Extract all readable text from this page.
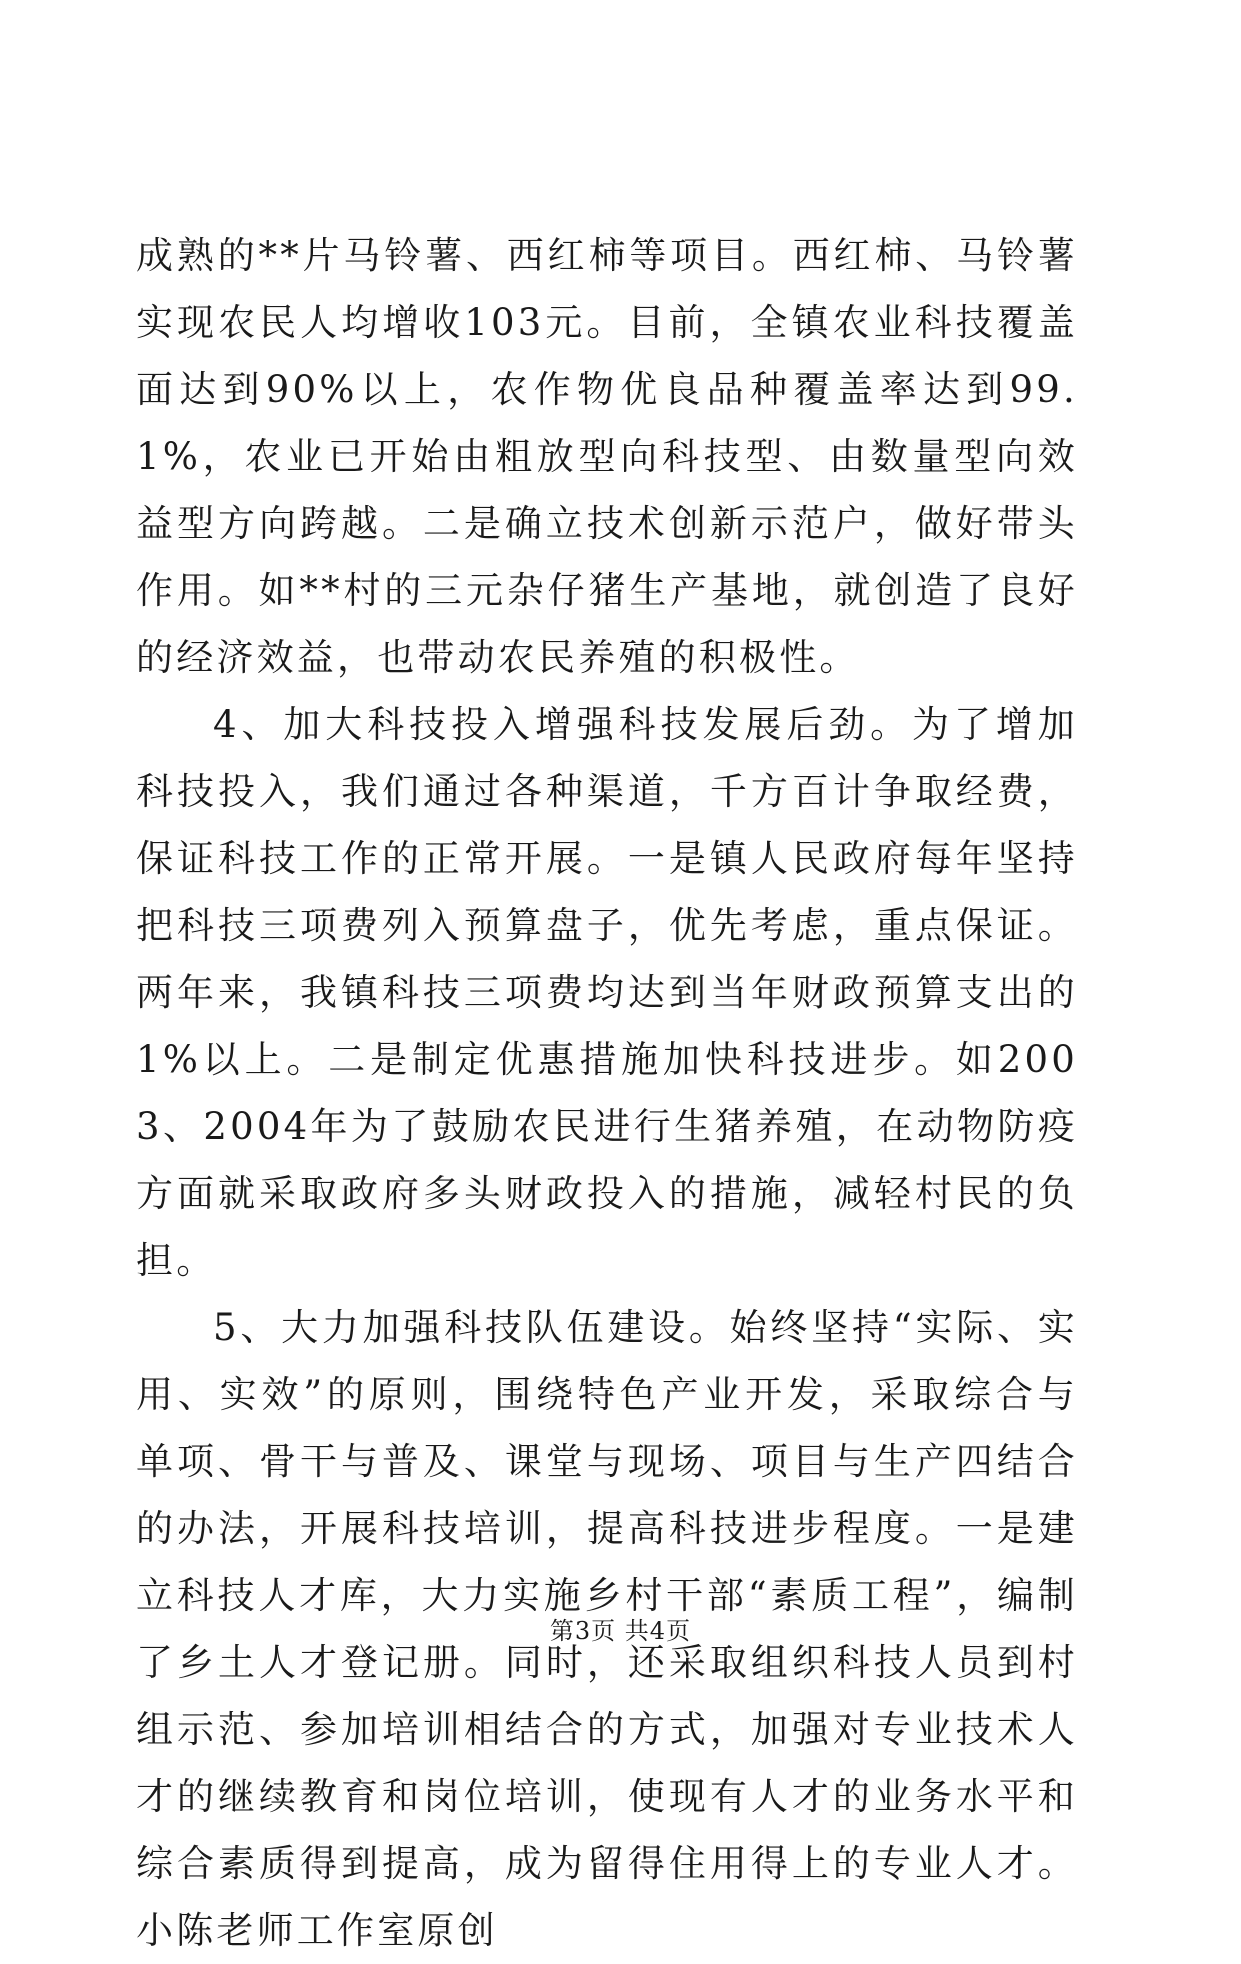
成熟的**片马铃薯、西红柿等项目。西红柿、马铃薯实现农民人均增收103元。目前，全镇农业科技覆盖面达到90%以上，农作物优良品种覆盖率达到99.1%，农业已开始由粗放型向科技型、由数量型向效益型方向跨越。二是确立技术创新示范户，做好带头作用。如**村的三元杂仔猪生产基地，就创造了良好的经济效益，也带动农民养殖的积极性。

4、加大科技投入增强科技发展后劲。为了增加科技投入，我们通过各种渠道，千方百计争取经费，保证科技工作的正常开展。一是镇人民政府每年坚持把科技三项费列入预算盘子，优先考虑，重点保证。两年来，我镇科技三项费均达到当年财政预算支出的1%以上。二是制定优惠措施加快科技进步。如2003、2004年为了鼓励农民进行生猪养殖，在动物防疫方面就采取政府多头财政投入的措施，减轻村民的负担。

5、大力加强科技队伍建设。始终坚持“实际、实用、实效”的原则，围绕特色产业开发，采取综合与单项、骨干与普及、课堂与现场、项目与生产四结合的办法，开展科技培训，提高科技进步程度。一是建立科技人才库，大力实施乡村干部“素质工程”，编制了乡土人才登记册。同时，还采取组织科技人员到村组示范、参加培训相结合的方式，加强对专业技术人才的继续教育和岗位培训，使现有人才的业务水平和综合素质得到提高，成为留得住用得上的专业人才。小陈老师工作室原创

第3页 共4页
